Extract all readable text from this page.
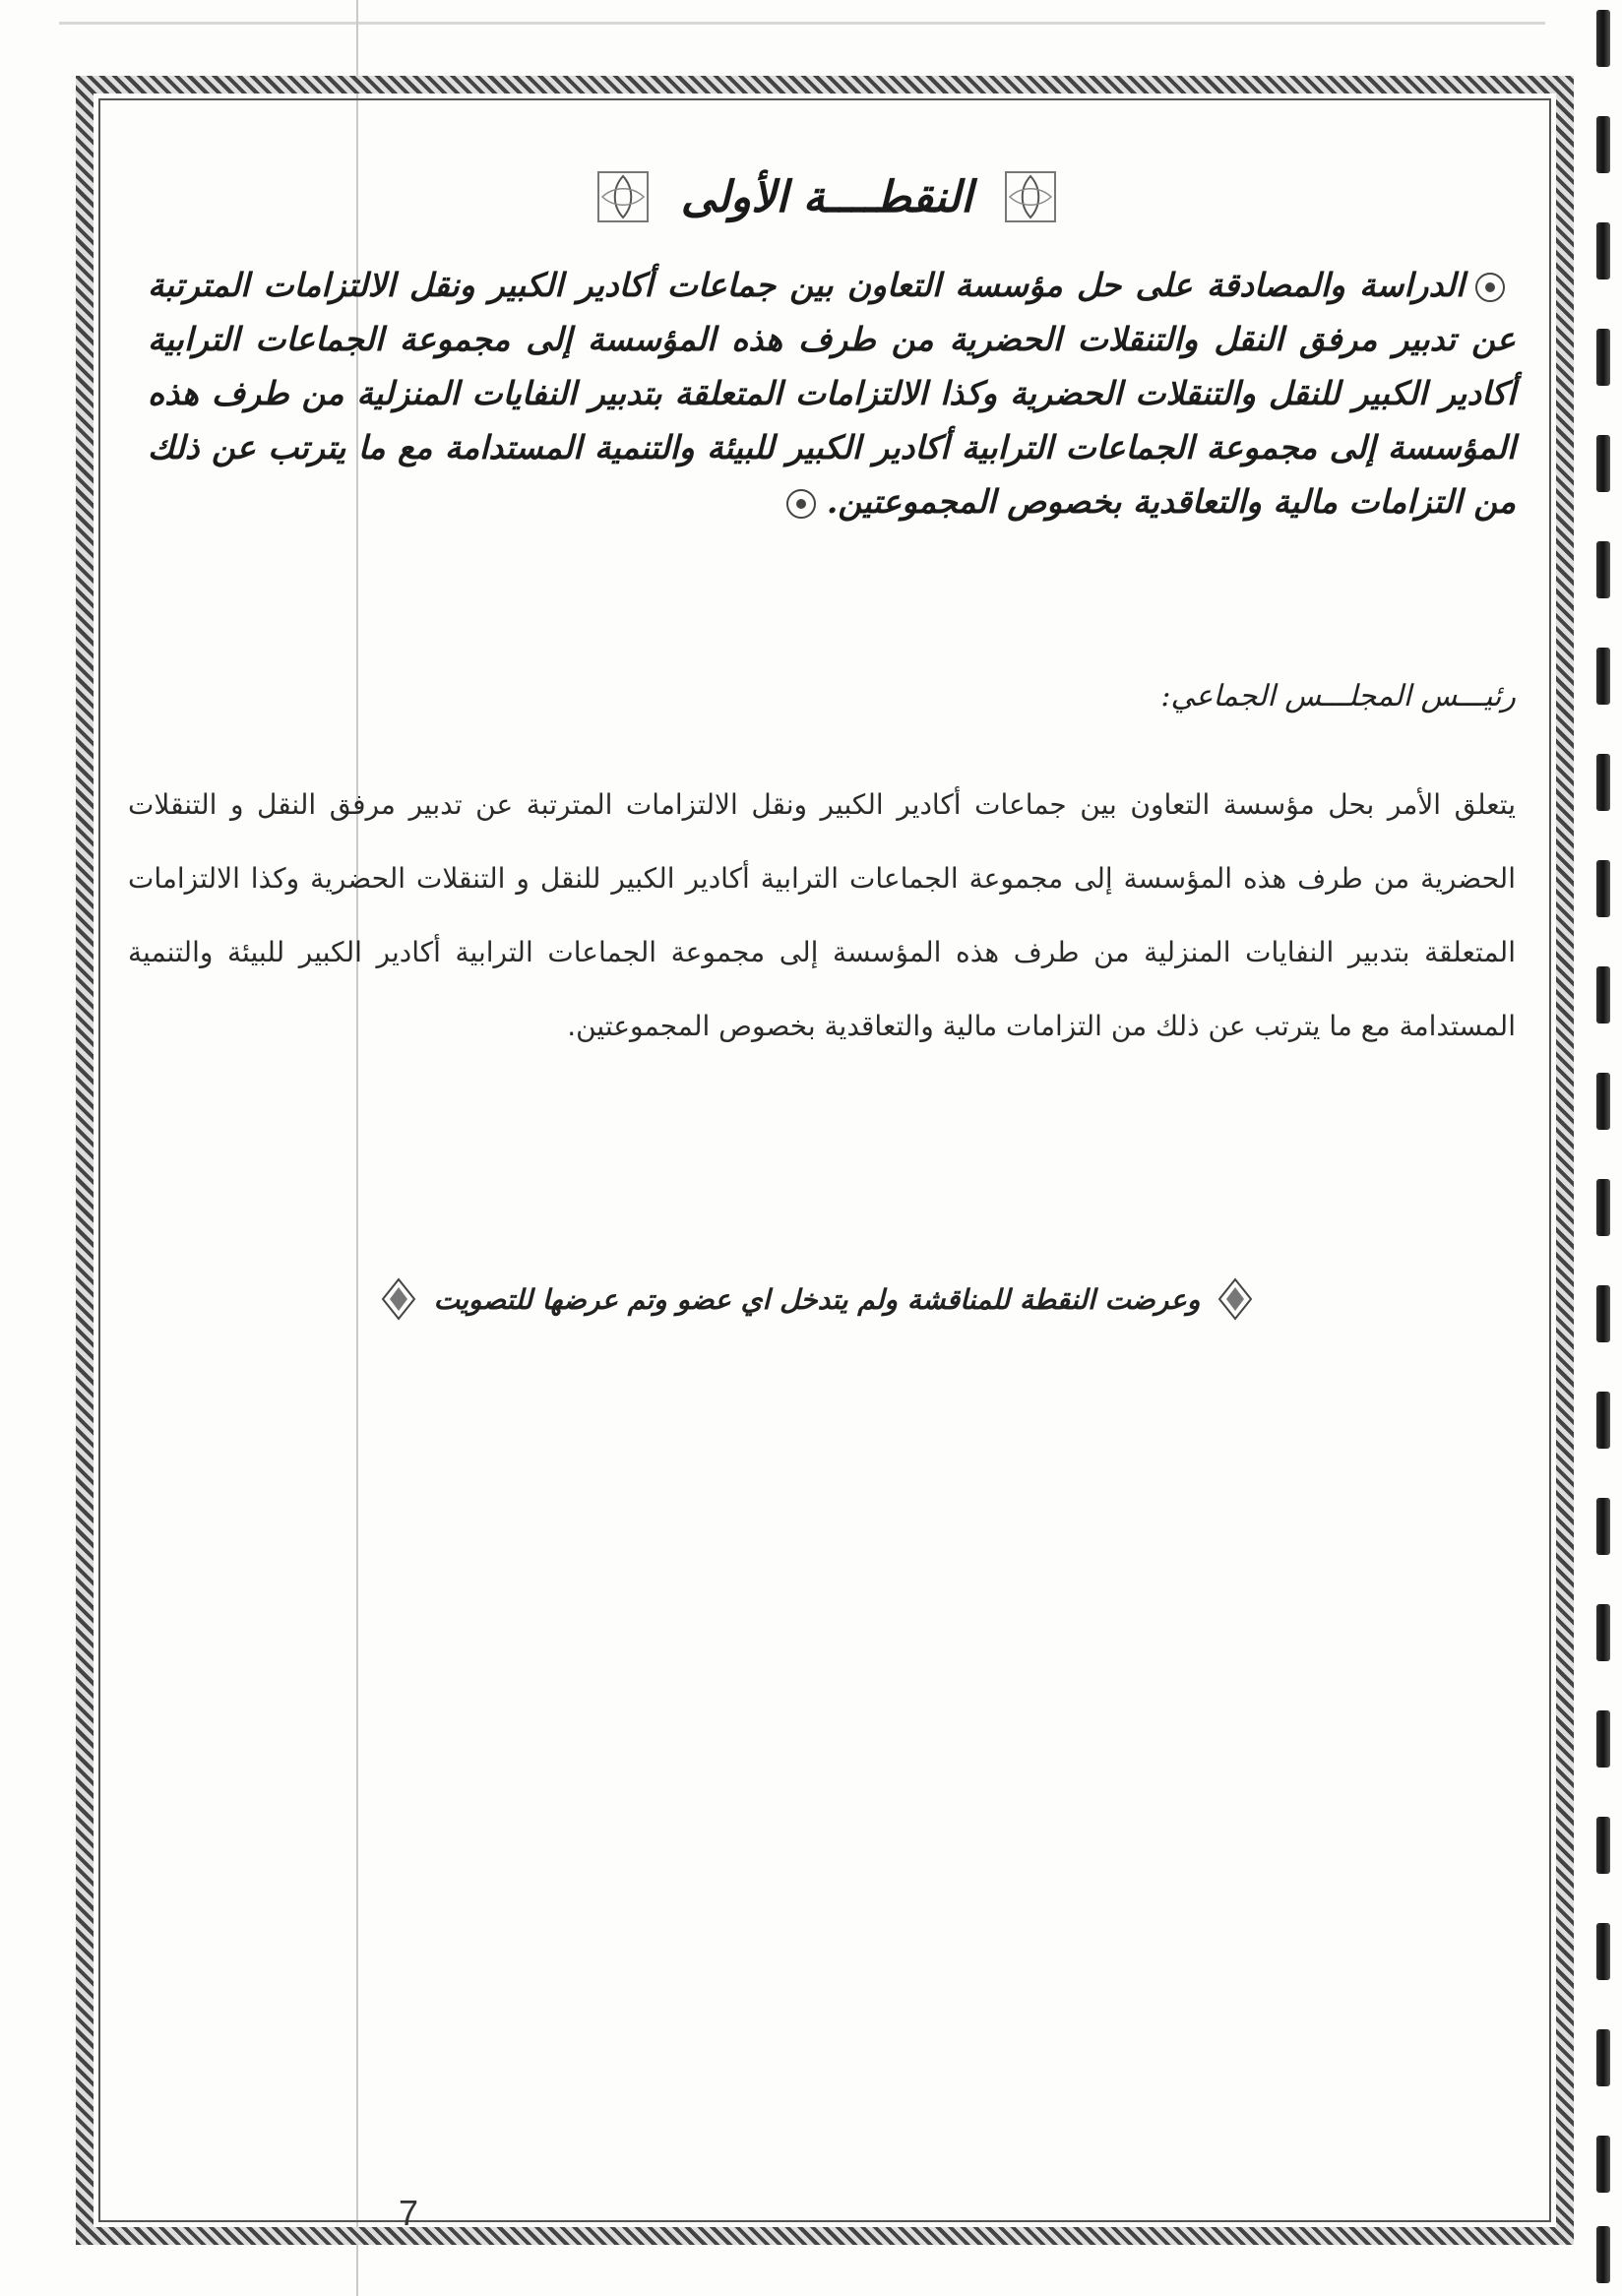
النقطــــة الأولى
الدراسة والمصادقة على حل مؤسسة التعاون بين جماعات أكادير الكبير ونقل الالتزامات المترتبة عن تدبير مرفق النقل والتنقلات الحضرية من طرف هذه المؤسسة إلى مجموعة الجماعات الترابية أكادير الكبير للنقل والتنقلات الحضرية وكذا الالتزامات المتعلقة بتدبير النفايات المنزلية من طرف هذه المؤسسة إلى مجموعة الجماعات الترابية أكادير الكبير للبيئة والتنمية المستدامة مع ما يترتب عن ذلك من التزامات مالية والتعاقدية بخصوص المجموعتين.
رئيـــس المجلـــس الجماعي:
يتعلق الأمر بحل مؤسسة التعاون بين جماعات أكادير الكبير ونقل الالتزامات المترتبة عن تدبير مرفق النقل و التنقلات الحضرية من طرف هذه المؤسسة إلى مجموعة الجماعات الترابية أكادير الكبير للنقل و التنقلات الحضرية وكذا الالتزامات المتعلقة بتدبير النفايات المنزلية من طرف هذه المؤسسة إلى مجموعة الجماعات الترابية أكادير الكبير للبيئة والتنمية المستدامة مع ما يترتب عن ذلك من التزامات مالية والتعاقدية بخصوص المجموعتين.
وعرضت النقطة للمناقشة ولم يتدخل اي عضو وتم عرضها للتصويت
7
